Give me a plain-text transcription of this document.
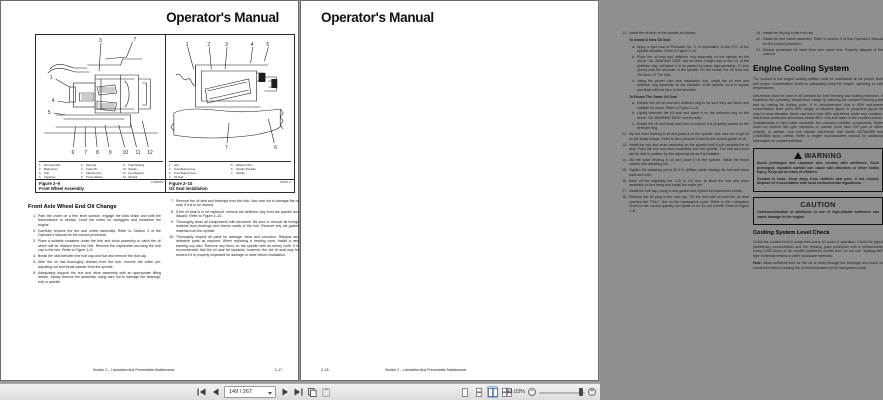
Operator's Manual
3	7
1
4
5
6 7 8 9 10 11 12
1.	Rim Assembly
2.	Brake Drum
3.	Hub
4.	Capscrew
5.	Hub Cap
6.	Cotter Pin
7.	Adjusting Nut
8.	Thrust Washer
9.	Outer Bearing
10. Spindle
11. Inner Bearing
12. Oil Seal
Figure 2–9
Front Wheel Assembly
1209825R
1	2	3	4	5
7	6
1.	Hub
2.	Inner Bearing Cup
3.	Inner Bearing Cone
4.	Oil Seal
5.	Deflector Ring
6.	Spindle Shoulder
7.	Spindle
Figure 2–10
Oil Seal Installation
S/Z836–4
Front Axle Wheel End Oil Change
1. Park the crane on a firm level surface, engage the park brake and shift the transmission to neutral. Level the crane on outriggers and shutdown the engine.
2. Carefully remove the tire and wheel assembly. Refer to Section 3 of the Operator's Manual for the correct procedure.
3. Place a suitable container under the hub and drum assembly to catch the oil which will be drained from the hub. Remove the capscrews securing the hub cap to the hub. Refer to Figure 2–9.
4. Break the seal between the hub cap and hub and remove the hub cap.
5. After the oil has thoroughly drained from the hub, remove the cotter pin, adjusting nut and thrust washer from the spindle.
6. Adequately support the hub and drum assembly with an appropriate lifting device. Slowly remove the assembly, using care not to damage the bearings, hub or spindle.
7. Remove the oil seal and bearings from the hub. Use care not to damage the oil seal, if it is to be reused.
8. If the oil seal is to be replaced, remove the deflector ring from the spindle and discard. Refer to Figure 2–10.
9. Thoroughly clean all components with kerosene. Be sure to remove all foreign material from bearings and interior cavity of the hub. Remove any old gasket material from the spindle.
10. Thoroughly inspect all parts for damage, wear and corrosion. Replace any defective parts as required. When replacing a bearing cone, install a new bearing cup also. Remove any burrs on the spindle with an emery cloth. It is recommended that the oil seal be replaced, however, the old oil seal may be reused if it is properly inspected for damage or wear before installation.
Section 2 – Lubrication And Preventative Maintenance	2–17
Operator's Manual
11. Install the oil seal on the spindle as follows:
To Install A New Oil Seal
a. Apply a light coat of Permatex No. 3, or equivalent, to the O.D. of the spindle shoulder. Refer to Figure 2–10.
b. Place the oil seal and deflector ring assembly on the spindle so the words "OIL BEARING SIDE" can be read. A slight step in the I.D. of the deflector ring, will allow it to be placed by hand, approximately .12 inch (3mm) onto the shoulder of the spindle. Do Not Install The Oil Seal Into The Bore Of The Hub.
c. Using the proper size seal installation tool, install the oil seal and deflector ring assembly on the shoulder of the spindle, so it is square and flush with the face of the shoulder.
To Reuse The Same Oil Seal
a. Inspect the old oil seal and deflector ring to be sure they are clean and suitable for reuse. Refer to Figure 2–10.
b. Lightly lubricate the oil seal and place it on the deflector ring so the words "OIL BEARING SIDE" can be read.
c. Rotate the oil seal back and forth to ensure it is properly seated on the deflector ring.
12. Dip the inner bearing in oil and place it on the spindle. Use care not to get oil on the brake linings. Refer to the Lubricant Chart for the correct grade of oil.
13. Install the hub and drum assembly on the spindle until it just contacts the oil seal. Push the hub and drum assembly onto the spindle. The hub and drum will be held in position by the adjusting nut as it is installed.
14. Dip the outer bearing in oil and place it on the spindle. Install the thrust washer and adjusting nut.
15. Tighten the adjusting nut to 50 ft lb (68Nm) while rotating the hub and drum back and forth.
16. Back off the adjusting nut 1/16 to 1/4 turn, to allow the hub and drum assembly to turn freely and install the cotter pin.
17. Install the hub cap, using a new gasket and tighten the capscrews evenly.
18. Remove the fill plug in the hub cap. Fill the hub with oil until the oil level reaches the "FULL" line on the transparent cover. Refer to the Lubrication Chart for the correct quantity and grade of oil. Do not overfill. Refer to Figure 2–6.
19. Install the fill plug in the hub cap.
20. Install tire and wheel assembly. Refer to section 3 of this Operator's Manual for the correct procedure.
21. Repeat procedure for each front axle wheel end. Properly dispose of the used oil.
Engine Cooling System

The coolant in the engine cooling system must be maintained at the proper level and proper concentration levels to adequately keep the engine operating at safe temperatures.

Anti-freeze must be used in all climates for both freezing and boiling protection. It broadens the operating temperature range by lowering the coolant freezing point and by raising its boiling point. It is recommended that a 50% anti-freeze concentration level (40%–60% range) of ethylene glycol or propylene glycol be used in most climates. Never use more than 68% anti-freeze under any condition. Anti-freeze protection decreases above 68%. Use soft water in the coolant mixture. Contaminants in hard water neutralize the corrosion inhibitor components. Water must not exceed 300 ppm hardness or contain more than 100 ppm of either chloride or sulfate. Use low silicate anti-freeze that meets ASTM4985 test (GM6038M spec) criteria. Refer to engine manufacturers manual for additional information on coolant selection.

WARNING

Avoid prolonged and repeated skin contact with antifreeze. Such prolonged, repeated contact can cause skin disorders or other bodily injury. Keep out of reach of children.

Coolant is toxic. Keep away from children and pets. If not reused, dispose of in accordance with local environmental regulations.

CAUTION

Overconcentration of antifreeze or use of high-silicate antifreeze can cause damage to the engine.

Cooling System Level Check

Check the coolant level in surge tank every 10 hours of operation. Check the glycol (antifreeze) concentration and the freezing point protection with a refractometer every 2,000 hours or six months whichever comes first. Do not use "floating ball" type of density testers or other inaccurate methods.

Note: Allow sufficient time for the oil to seep through the bearings and reach its actual level before reading the oil level indicated on the transparent cover.

2–18	Section 2 – Lubrication And Preventative Maintenance
149 / 267	93.03% −	+
